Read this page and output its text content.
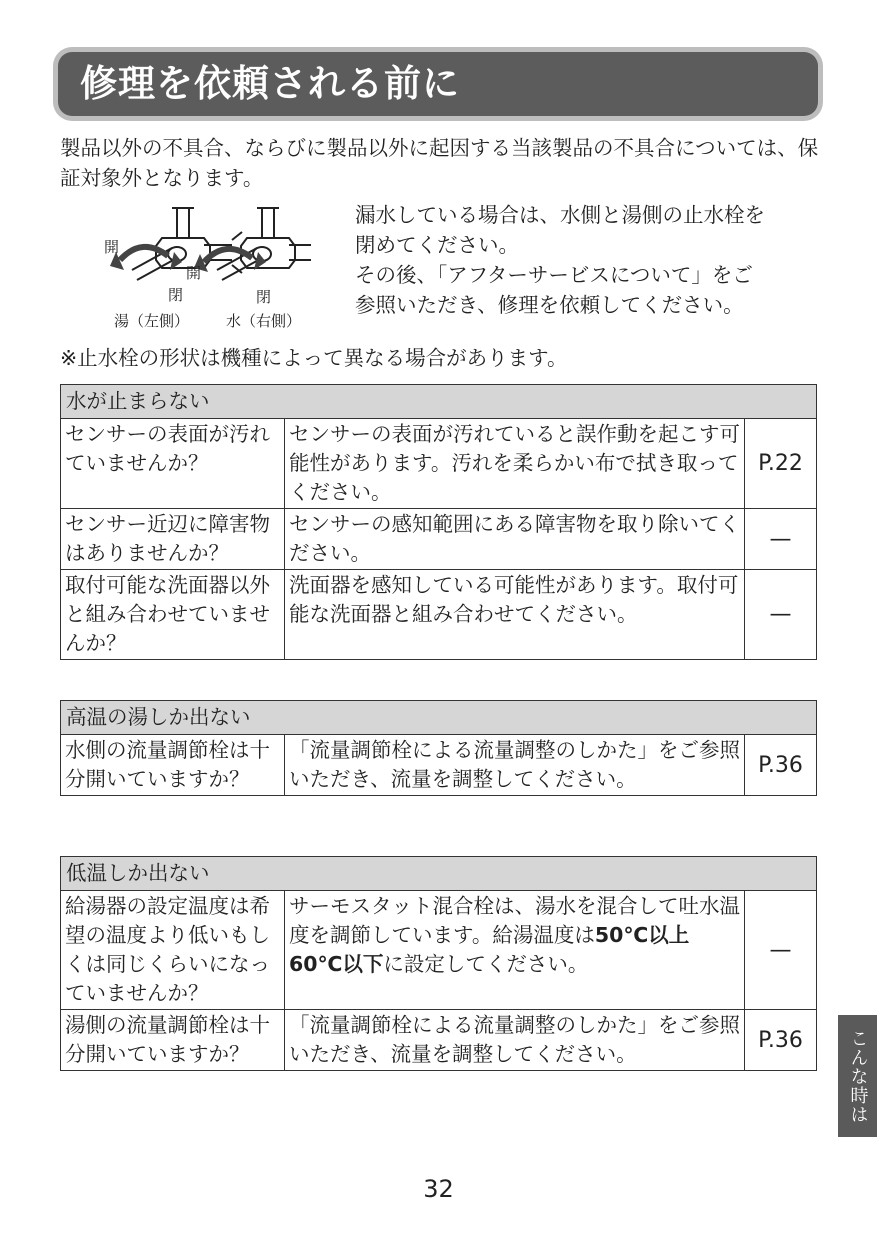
修理を依頼される前に

製品以外の不具合、ならびに製品以外に起因する当該製品の不具合については、保証対象外となります。

開
閉
開
閉
湯（左側） 水（右側）
漏水している場合は、水側と湯側の止水栓を
閉めてください。
その後、「アフターサービスについて」をご
参照いただき、修理を依頼してください。
※止水栓の形状は機種によって異なる場合があります。
水が止まらない		
センサーの表面が汚れていませんか？	センサーの表面が汚れていると誤作動を起こす可能性があります。汚れを柔らかい布で拭き取ってください。	P.22
センサー近辺に障害物はありませんか？	センサーの感知範囲にある障害物を取り除いてください。	—
取付可能な洗面器以外と組み合わせていませんか？	洗面器を感知している可能性があります。取付可能な洗面器と組み合わせてください。	—
高温の湯しか出ない
水側の流量調節栓は十分開いていますか？	「流量調節栓による流量調整のしかた」をご参照いただき、流量を調整してください。	P.36
低温しか出ない		
給湯器の設定温度は希望の温度より低いもしくは同じくらいになっていませんか？	サーモスタット混合栓は、湯水を混合して吐水温度を調節しています。給湯温度は50℃以上 60℃以下に設定してください。	—
湯側の流量調節栓は十分開いていますか？	「流量調節栓による流量調整のしかた」をご参照いただき、流量を調整してください。	P.36	こんな時は
32
